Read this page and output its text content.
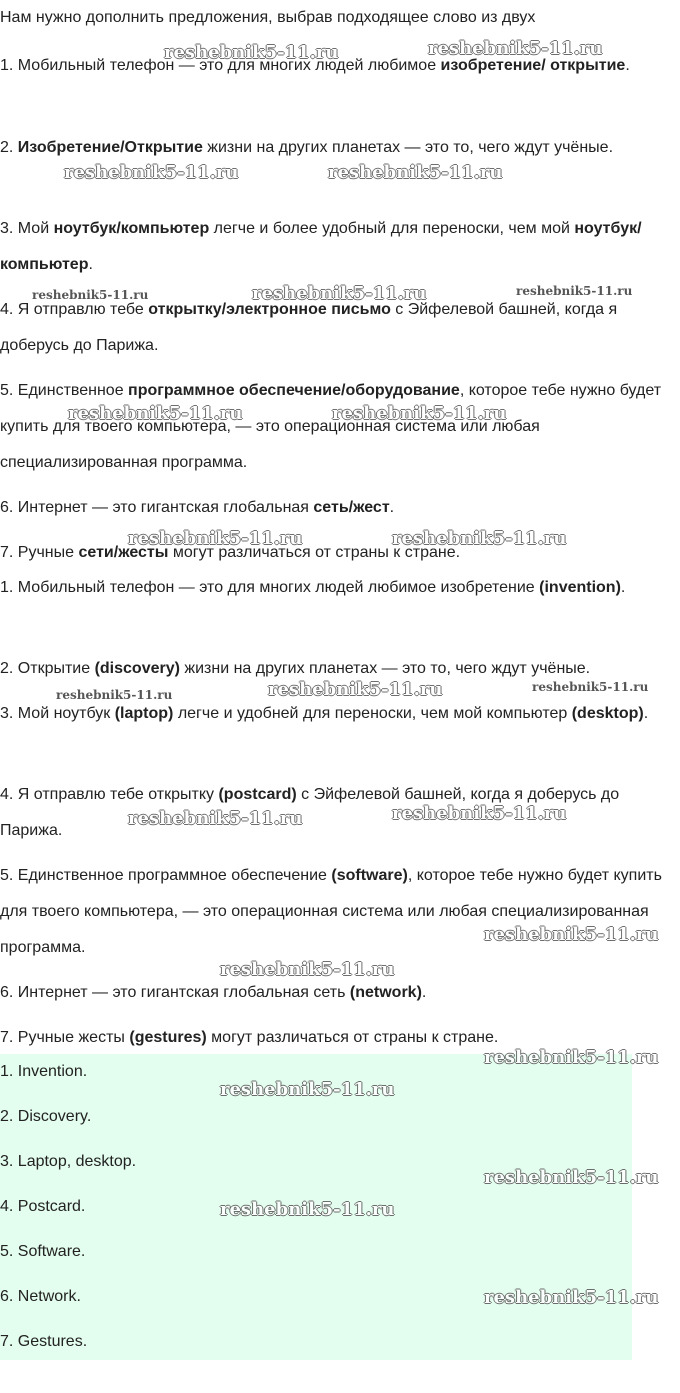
Нам нужно дополнить предложения, выбрав подходящее слово из двух

1. Мобильный телефон — это для многих людей любимое изобретение/ открытие.

2. Изобретение/Открытие жизни на других планетах — это то, чего ждут учёные.

3. Мой ноутбук/компьютер легче и более удобный для переноски, чем мой ноутбук/компьютер.

4. Я отправлю тебе открытку/электронное письмо с Эйфелевой башней, когда я доберусь до Парижа.

5. Единственное программное обеспечение/оборудование, которое тебе нужно будет купить для твоего компьютера, — это операционная система или любая специализированная программа.

6. Интернет — это гигантская глобальная сеть/жест.

7. Ручные сети/жесты могут различаться от страны к стране.

1. Мобильный телефон — это для многих людей любимое изобретение (invention).

2. Открытие (discovery) жизни на других планетах — это то, чего ждут учёные.

3. Мой ноутбук (laptop) легче и удобней для переноски, чем мой компьютер (desktop).

4. Я отправлю тебе открытку (postcard) с Эйфелевой башней, когда я доберусь до Парижа.

5. Единственное программное обеспечение (software), которое тебе нужно будет купить для твоего компьютера, — это операционная система или любая специализированная программа.

6. Интернет — это гигантская глобальная сеть (network).

7. Ручные жесты (gestures) могут различаться от страны к стране.

1. Invention.
2. Discovery.
3. Laptop, desktop.
4. Postcard.
5. Software.
6. Network.
7. Gestures.
reshebnik5-11.ru	reshebnik5-11.ru
reshebnik5-11.ru	reshebnik5-11.ru
reshebnik5-11.ru	reshebnik5-11.ru	reshebnik5-11.ru
reshebnik5-11.ru	reshebnik5-11.ru
reshebnik5-11.ru	reshebnik5-11.ru
reshebnik5-11.ru	reshebnik5-11.ru	reshebnik5-11.ru
reshebnik5-11.ru	reshebnik5-11.ru
reshebnik5-11.ru
reshebnik5-11.ru
reshebnik5-11.ru
reshebnik5-11.ru
reshebnik5-11.ru
reshebnik5-11.ru
reshebnik5-11.ru
